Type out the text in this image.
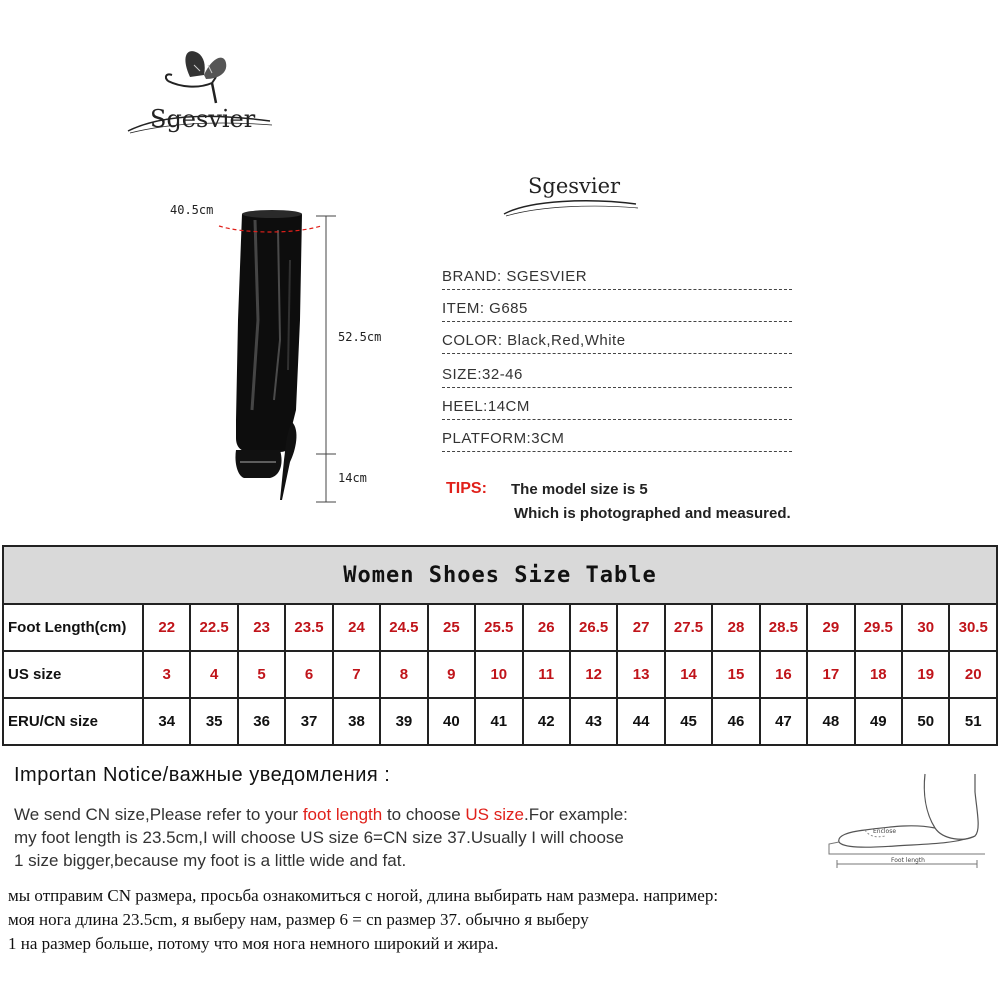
Sgesvier
Sgesvier
40.5cm
52.5cm
14cm
BRAND: SGESVIER
ITEM: G685
COLOR: Black,Red,White
SIZE:32-46
HEEL:14CM
PLATFORM:3CM
TIPS: The model size is 5
Which is photographed and measured.
Women Shoes Size Table																		
Foot Length(cm)	22	22.5	23	23.5	24	24.5	25	25.5	26	26.5	27	27.5	28	28.5	29	29.5	30	30.5
US size	3	4	5	6	7	8	9	10	11	12	13	14	15	16	17	18	19	20
ERU/CN size	34	35	36	37	38	39	40	41	42	43	44	45	46	47	48	49	50	51
Importan Notice/важные уведомления :
We send CN size,Please refer to your foot length to choose US size.For example:
my foot length is 23.5cm,I will choose US size 6=CN size 37.Usually I will choose
1 size bigger,because my foot is a little wide and fat.
мы отправим CN размера, просьба ознакомиться с ногой, длина выбирать нам размера. например:
моя нога длина 23.5cm, я выберу нам, размер 6 = cn размер 37. обычно я выберу
1 на размер больше, потому что моя нога немного широкий и жира.
Enclose
Foot length
